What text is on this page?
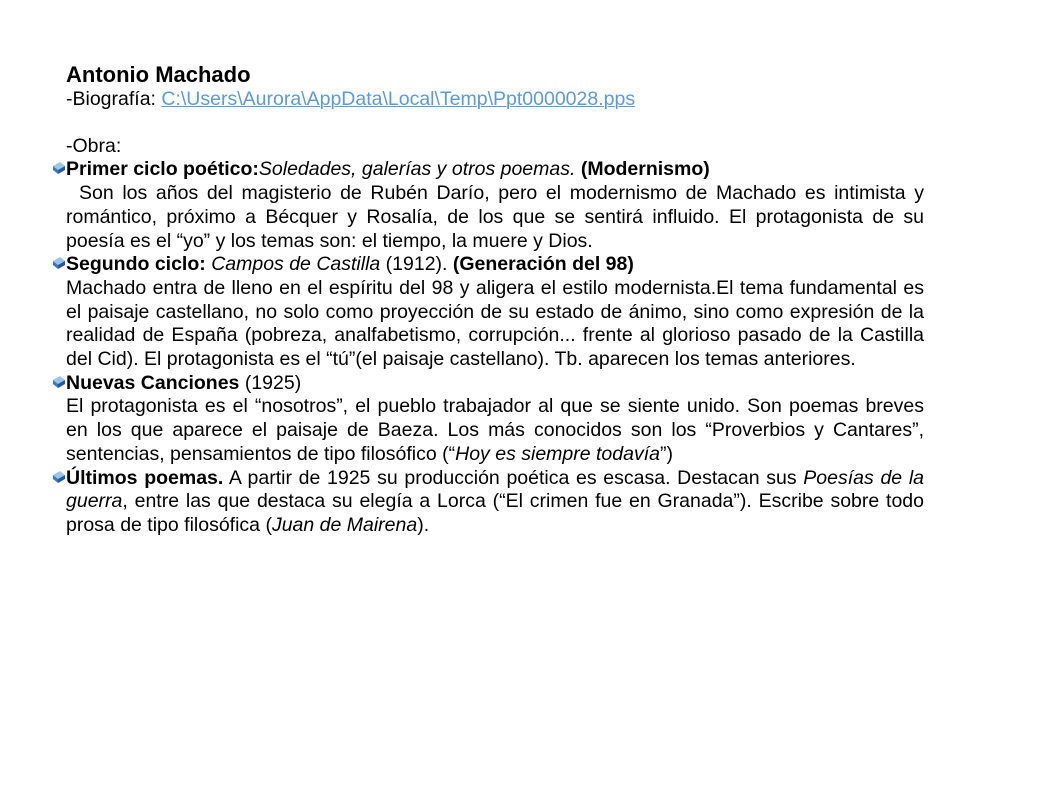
Antonio Machado
-Biografía: C:\Users\Aurora\AppData\Local\Temp\Ppt0000028.pps
-Obra:
Primer ciclo poético:Soledades, galerías y otros poemas. (Modernismo)
Son los años del magisterio de Rubén Darío, pero el modernismo de Machado es intimista y romántico, próximo a Bécquer y Rosalía, de los que se sentirá influido. El protagonista de su poesía es el “yo” y los temas son: el tiempo, la muere y Dios.
Segundo ciclo: Campos de Castilla (1912). (Generación del 98)
Machado entra de lleno en el espíritu del 98 y aligera el estilo modernista.El tema fundamental es el paisaje castellano, no solo como proyección de su estado de ánimo, sino como expresión de la realidad de España (pobreza, analfabetismo, corrupción... frente al glorioso pasado de la Castilla del Cid). El protagonista es el “tú”(el paisaje castellano). Tb. aparecen los temas anteriores.
Nuevas Canciones (1925)
El protagonista es el “nosotros”, el pueblo trabajador al que se siente unido. Son poemas breves en los que aparece el paisaje de Baeza. Los más conocidos son los “Proverbios y Cantares”, sentencias, pensamientos de tipo filosófico (“Hoy es siempre todavía”)
Últimos poemas. A partir de 1925 su producción poética es escasa. Destacan sus Poesías de la guerra, entre las que destaca su elegía a Lorca (“El crimen fue en Granada”). Escribe sobre todo prosa de tipo filosófica (Juan de Mairena).
